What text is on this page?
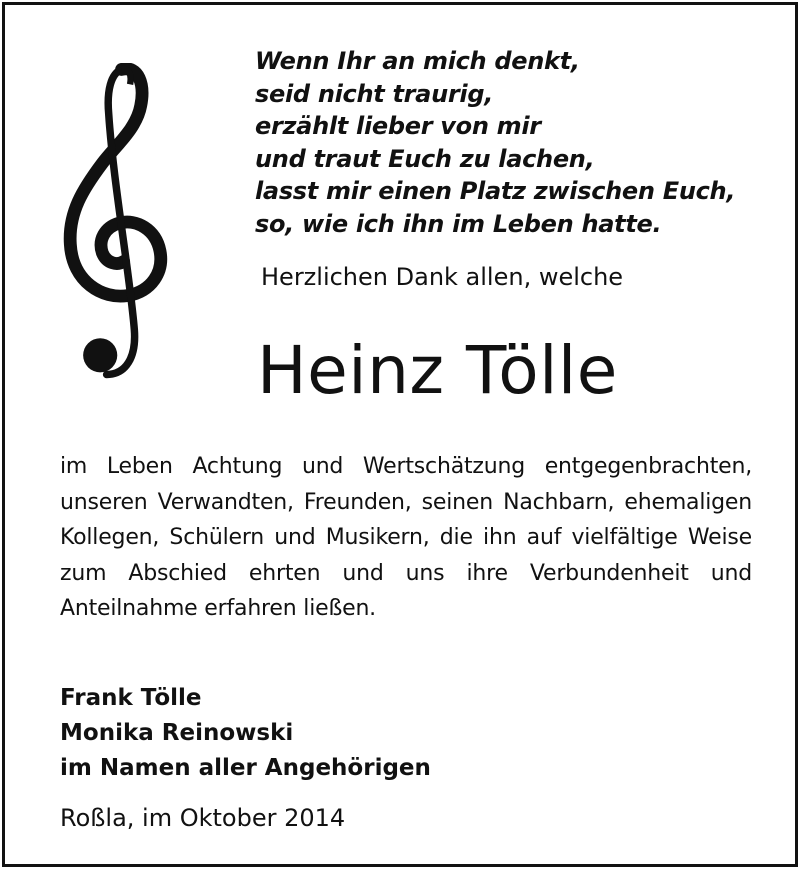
Wenn Ihr an mich denkt,
seid nicht traurig,
erzählt lieber von mir
und traut Euch zu lachen,
lasst mir einen Platz zwischen Euch,
so, wie ich ihn im Leben hatte.
Herzlichen Dank allen, welche
Heinz Tölle

im Leben Achtung und Wertschätzung entgegenbrachten, unseren Verwandten, Freunden, seinen Nachbarn, ehemaligen Kollegen, Schülern und Musikern, die ihn auf vielfältige Weise zum Abschied ehrten und uns ihre Verbundenheit und Anteilnahme erfahren ließen.

Frank Tölle
Monika Reinowski
im Namen aller Angehörigen
Roßla, im Oktober 2014
